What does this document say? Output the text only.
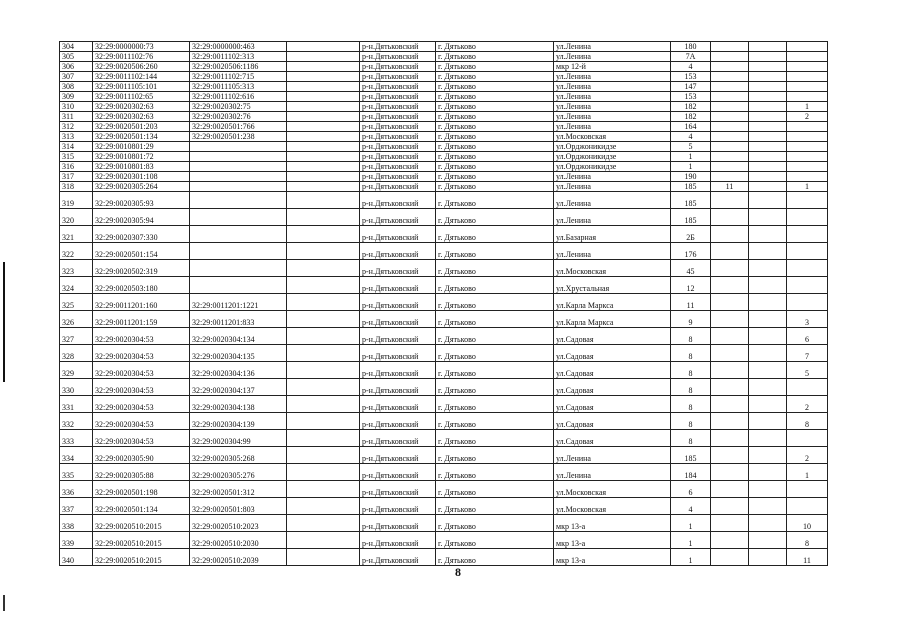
304	32:29:0000000:73	32:29:0000000:463		р-н.Дятьковский	г. Дятьково	ул.Ленина	180			
305	32:29:0011102:76	32:29:0011102:313		р-н.Дятьковский	г. Дятьково	ул.Ленина	7А			
306	32:29:0020506:260	32:29:0020506:1186		р-н.Дятьковский	г. Дятьково	мкр 12-й	4			
307	32:29:0011102:144	32:29:0011102:715		р-н.Дятьковский	г. Дятьково	ул.Ленина	153			
308	32:29:0011105:101	32:29:0011105:313		р-н.Дятьковский	г. Дятьково	ул.Ленина	147			
309	32:29:0011102:65	32:29:0011102:616		р-н.Дятьковский	г. Дятьково	ул.Ленина	153			
310	32:29:0020302:63	32:29:0020302:75		р-н.Дятьковский	г. Дятьково	ул.Ленина	182			1
311	32:29:0020302:63	32:29:0020302:76		р-н.Дятьковский	г. Дятьково	ул.Ленина	182			2
312	32:29:0020501:203	32:29:0020501:766		р-н.Дятьковский	г. Дятьково	ул.Ленина	164			
313	32:29:0020501:134	32:29:0020501:238		р-н.Дятьковский	г. Дятьково	ул.Московская	4			
314	32:29:0010801:29			р-н.Дятьковский	г. Дятьково	ул.Орджоникидзе	5			
315	32:29:0010801:72			р-н.Дятьковский	г. Дятьково	ул.Орджоникидзе	1			
316	32:29:0010801:83			р-н.Дятьковский	г. Дятьково	ул.Орджоникидзе	1			
317	32:29:0020301:108			р-н.Дятьковский	г. Дятьково	ул.Ленина	190			
318	32:29:0020305:264			р-н.Дятьковский	г. Дятьково	ул.Ленина	185	11		1
319	32:29:0020305:93			р-н.Дятьковский	г. Дятьково	ул.Ленина	185			
320	32:29:0020305:94			р-н.Дятьковский	г. Дятьково	ул.Ленина	185			
321	32:29:0020307:330			р-н.Дятьковский	г. Дятьково	ул.Базарная	2Б			
322	32:29:0020501:154			р-н.Дятьковский	г. Дятьково	ул.Ленина	176			
323	32:29:0020502:319			р-н.Дятьковский	г. Дятьково	ул.Московская	45			
324	32:29:0020503:180			р-н.Дятьковский	г. Дятьково	ул.Хрустальная	12			
325	32:29:0011201:160	32:29:0011201:1221		р-н.Дятьковский	г. Дятьково	ул.Карла Маркса	11			
326	32:29:0011201:159	32:29:0011201:833		р-н.Дятьковский	г. Дятьково	ул.Карла Маркса	9			3
327	32:29:0020304:53	32:29:0020304:134		р-н.Дятьковский	г. Дятьково	ул.Садовая	8			6
328	32:29:0020304:53	32:29:0020304:135		р-н.Дятьковский	г. Дятьково	ул.Садовая	8			7
329	32:29:0020304:53	32:29:0020304:136		р-н.Дятьковский	г. Дятьково	ул.Садовая	8			5
330	32:29:0020304:53	32:29:0020304:137		р-н.Дятьковский	г. Дятьково	ул.Садовая	8			
331	32:29:0020304:53	32:29:0020304:138		р-н.Дятьковский	г. Дятьково	ул.Садовая	8			2
332	32:29:0020304:53	32:29:0020304:139		р-н.Дятьковский	г. Дятьково	ул.Садовая	8			8
333	32:29:0020304:53	32:29:0020304:99		р-н.Дятьковский	г. Дятьково	ул.Садовая	8			
334	32:29:0020305:90	32:29:0020305:268		р-н.Дятьковский	г. Дятьково	ул.Ленина	185			2
335	32:29:0020305:88	32:29:0020305:276		р-н.Дятьковский	г. Дятьково	ул.Ленина	184			1
336	32:29:0020501:198	32:29:0020501:312		р-н.Дятьковский	г. Дятьково	ул.Московская	6			
337	32:29:0020501:134	32:29:0020501:803		р-н.Дятьковский	г. Дятьково	ул.Московская	4			
338	32:29:0020510:2015	32:29:0020510:2023		р-н.Дятьковский	г. Дятьково	мкр 13-а	1			10
339	32:29:0020510:2015	32:29:0020510:2030		р-н.Дятьковский	г. Дятьково	мкр 13-а	1			8
340	32:29:0020510:2015	32:29:0020510:2039		р-н.Дятьковский	г. Дятьково	мкр 13-а	1			11
8
